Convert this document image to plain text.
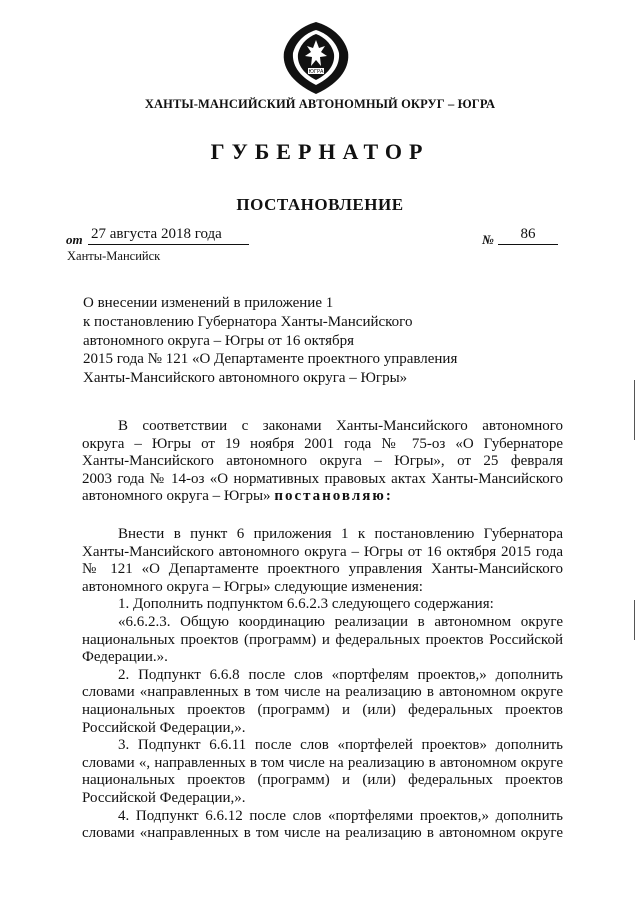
ЮГРА
ХАНТЫ-МАНСИЙСКИЙ АВТОНОМНЫЙ ОКРУГ – ЮГРА
ГУБЕРНАТОР
ПОСТАНОВЛЕНИЕ
от 27 августа 2018 года	№	86
Ханты-Мансийск
О внесении изменений в приложение 1
к постановлению Губернатора Ханты-Мансийского
автономного округа – Югры от 16 октября
2015 года № 121 «О Департаменте проектного управления
Ханты-Мансийского автономного округа – Югры»
В соответствии с законами Ханты-Мансийского автономного
округа – Югры от 19 ноября 2001 года № 75-оз «О Губернаторе
Ханты-Мансийского автономного округа – Югры», от 25 февраля
2003 года № 14-оз «О нормативных правовых актах Ханты-Мансийского
автономного округа – Югры» постановляю:
Внести в пункт 6 приложения 1 к постановлению Губернатора
Ханты-Мансийского автономного округа – Югры от 16 октября 2015 года
№ 121 «О Департаменте проектного управления Ханты-Мансийского
автономного округа – Югры» следующие изменения:
1. Дополнить подпунктом 6.6.2.3 следующего содержания:
«6.6.2.3. Общую координацию реализации в автономном округе
национальных проектов (программ) и федеральных проектов Российской
Федерации.».
2. Подпункт 6.6.8 после слов «портфелям проектов,» дополнить
словами «направленных в том числе на реализацию в автономном округе
национальных проектов (программ) и (или) федеральных проектов
Российской Федерации,».
3. Подпункт 6.6.11 после слов «портфелей проектов» дополнить
словами «, направленных в том числе на реализацию в автономном округе
национальных проектов (программ) и (или) федеральных проектов
Российской Федерации,».
4. Подпункт 6.6.12 после слов «портфелями проектов,» дополнить
словами «направленных в том числе на реализацию в автономном округе
